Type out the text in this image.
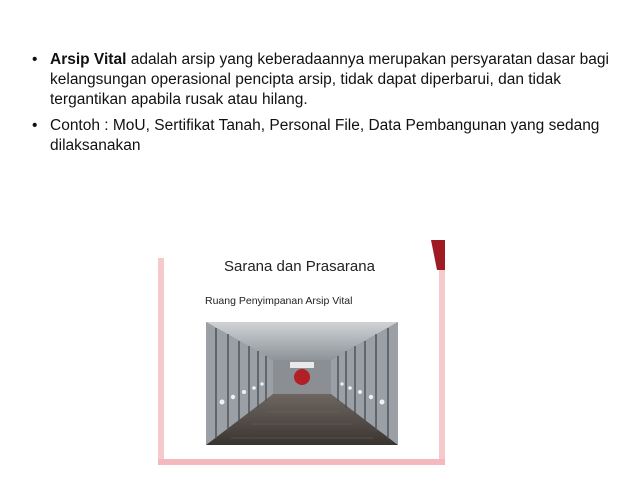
• Arsip Vital adalah arsip yang keberadaannya merupakan persyaratan dasar bagi kelangsungan operasional pencipta arsip, tidak dapat diperbarui, dan tidak tergantikan apabila rusak atau hilang.
• Contoh : MoU, Sertifikat Tanah, Personal File, Data Pembangunan yang sedang dilaksanakan
Sarana dan Prasarana
Ruang Penyimpanan Arsip Vital
